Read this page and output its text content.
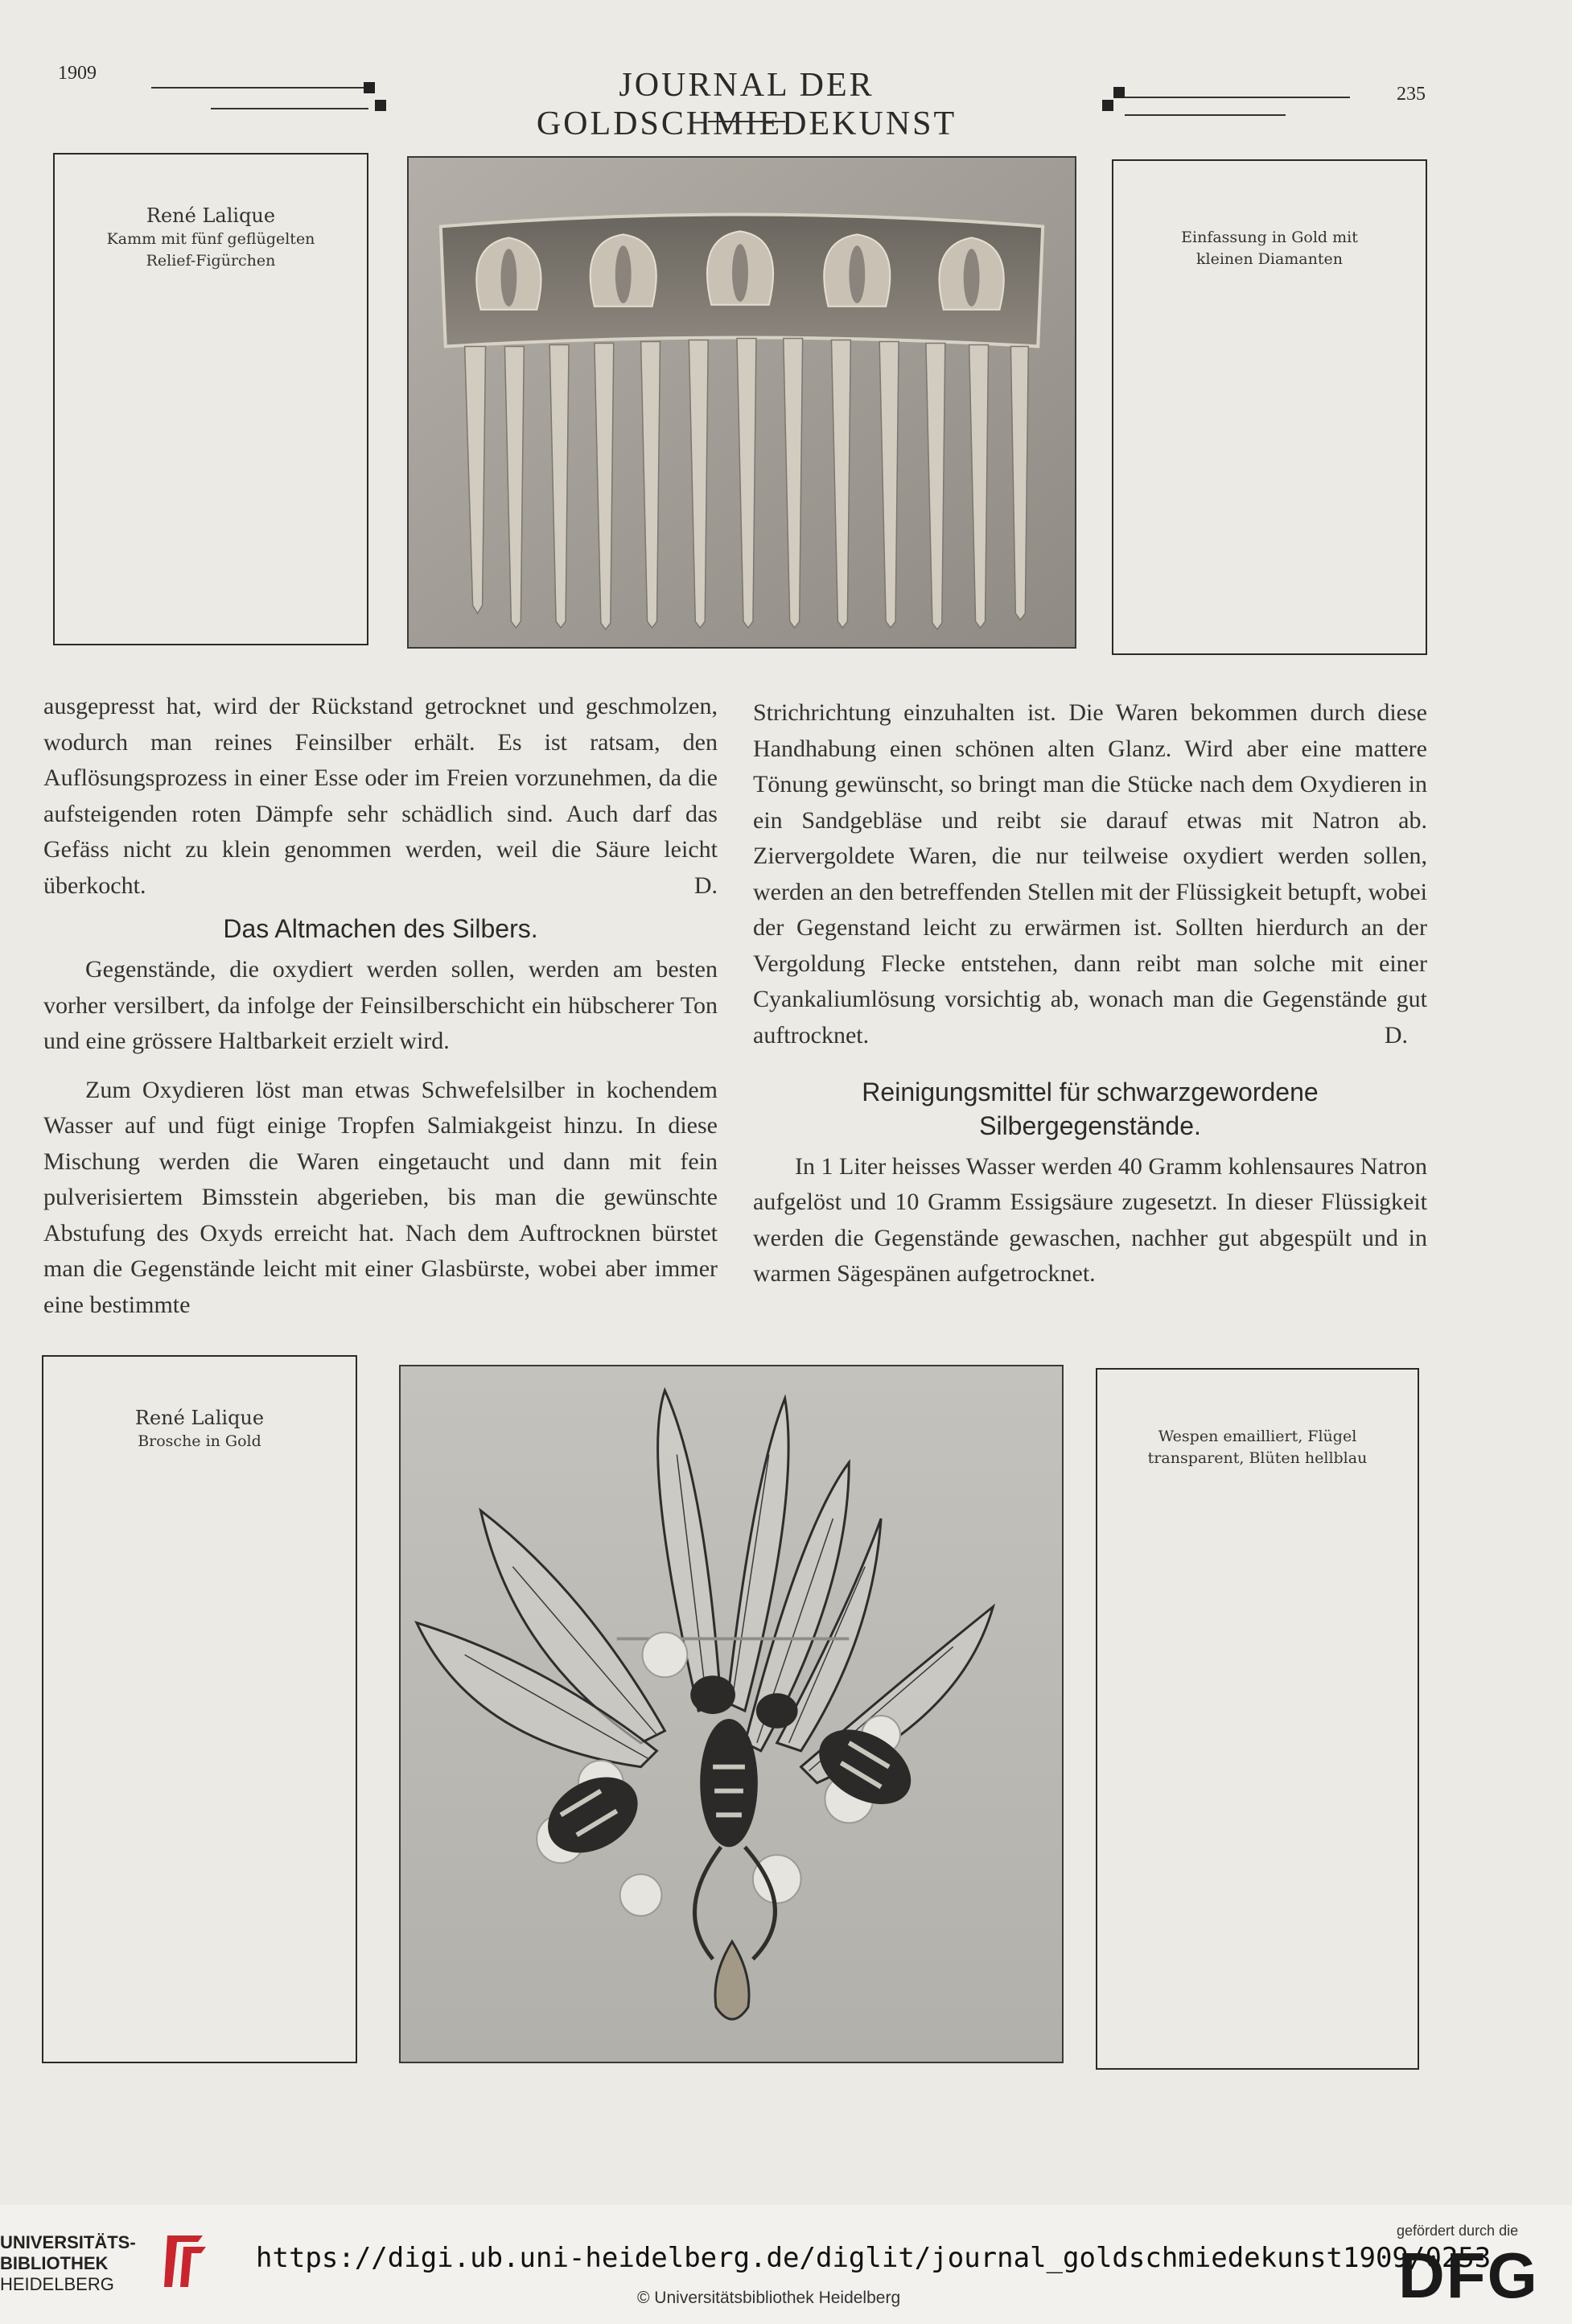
1909	JOURNAL DER GOLDSCHMIEDEKUNST
235
René Lalique
Kamm mit fünf geflügelten
Relief-Figürchen
Einfassung in Gold mit
kleinen Diamanten

ausgepresst hat, wird der Rückstand getrocknet und geschmolzen, wodurch man reines Feinsilber erhält. Es ist ratsam, den Auflösungsprozess in einer Esse oder im Freien vorzunehmen, da die aufsteigenden roten Dämpfe sehr schädlich sind. Auch darf das Gefäss nicht zu klein genommen werden, weil die Säure leicht überkocht.	D.

Das Altmachen des Silbers.

Gegenstände, die oxydiert werden sollen, werden am besten vorher versilbert, da infolge der Feinsilberschicht ein hübscherer Ton und eine grössere Haltbarkeit erzielt wird.

Zum Oxydieren löst man etwas Schwefelsilber in kochendem Wasser auf und fügt einige Tropfen Salmiakgeist hinzu. In diese Mischung werden die Waren eingetaucht und dann mit fein pulverisiertem Bimsstein abgerieben, bis man die gewünschte Abstufung des Oxyds erreicht hat. Nach dem Auftrocknen bürstet man die Gegenstände leicht mit einer Glasbürste, wobei aber immer eine bestimmte

Strichrichtung einzuhalten ist. Die Waren bekommen durch diese Handhabung einen schönen alten Glanz. Wird aber eine mattere Tönung gewünscht, so bringt man die Stücke nach dem Oxydieren in ein Sandgebläse und reibt sie darauf etwas mit Natron ab. Ziervergoldete Waren, die nur teilweise oxydiert werden sollen, werden an den betreffenden Stellen mit der Flüssigkeit betupft, wobei der Gegenstand leicht zu erwärmen ist. Sollten hierdurch an der Vergoldung Flecke entstehen, dann reibt man solche mit einer Cyankaliumlösung vorsichtig ab, wonach man die Gegenstände gut auftrocknet.	D.
Reinigungsmittel für schwarzgewordene
Silbergegenstände.

In 1 Liter heisses Wasser werden 40 Gramm kohlensaures Natron aufgelöst und 10 Gramm Essigsäure zugesetzt. In dieser Flüssigkeit werden die Gegenstände gewaschen, nachher gut abgespült und in warmen Sägespänen aufgetrocknet.

René Lalique
Brosche in Gold	Wespen emailliert, Flügel
transparent, Blüten hellblau
UNIVERSITÄTS-
BIBLIOTHEK
HEIDELBERG
https://digi.ub.uni-heidelberg.de/diglit/journal_goldschmiedekunst1909/0253
© Universitätsbibliothek Heidelberg
gefördert durch die
DFG
